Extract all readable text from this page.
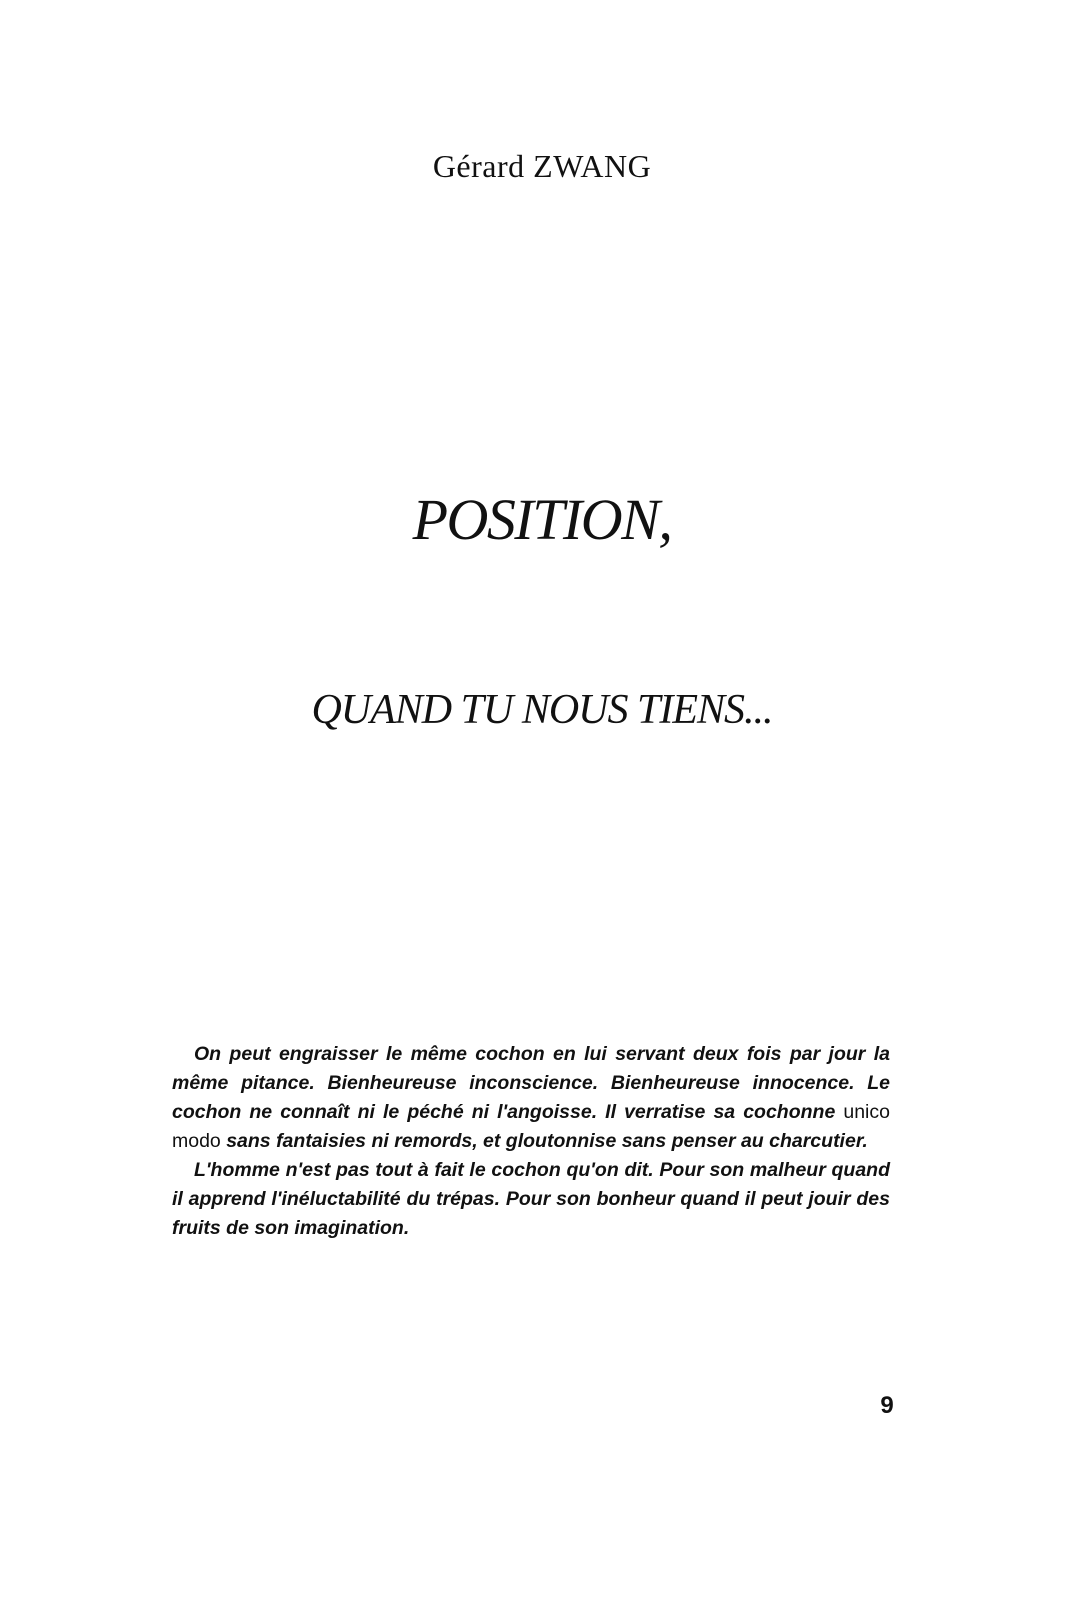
Gérard ZWANG
POSITION,
QUAND TU NOUS TIENS...

On peut engraisser le même cochon en lui servant deux fois par jour la même pitance. Bienheureuse inconscience. Bienheureuse innocence. Le cochon ne connaît ni le péché ni l'angoisse. Il verratise sa cochonne unico modo sans fantaisies ni remords, et gloutonnise sans penser au charcutier.

L'homme n'est pas tout à fait le cochon qu'on dit. Pour son malheur quand il apprend l'inéluctabilité du trépas. Pour son bonheur quand il peut jouir des fruits de son imagination.

9
